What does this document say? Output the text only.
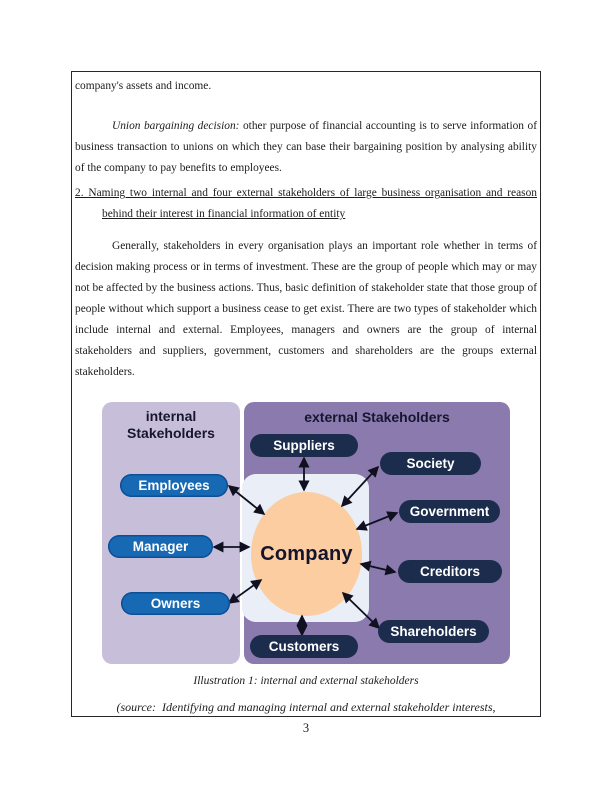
company's assets and income.

Union bargaining decision: other purpose of financial accounting is to serve information of business transaction to unions on which they can base their bargaining position by analysing ability of the company to pay benefits to employees.

2. Naming two internal and four external stakeholders of large business organisation and reason behind their interest in financial information of entity

Generally, stakeholders in every organisation plays an important role whether in terms of decision making process or in terms of investment. These are the group of people which may or may not be affected by the business actions. Thus, basic definition of stakeholder state that those group of people without which support a business cease to get exist. There are two types of stakeholder which include internal and external. Employees, managers and owners are the group of internal stakeholders and suppliers, government, customers and shareholders are the groups external stakeholders.

internal
Stakeholders
external Stakeholders
Company
Employees
Manager
Owners
Suppliers
Society
Government
Creditors
Shareholders
Customers

Illustration 1: internal and external stakeholders

(source:  Identifying and managing internal and external stakeholder interests,

3
